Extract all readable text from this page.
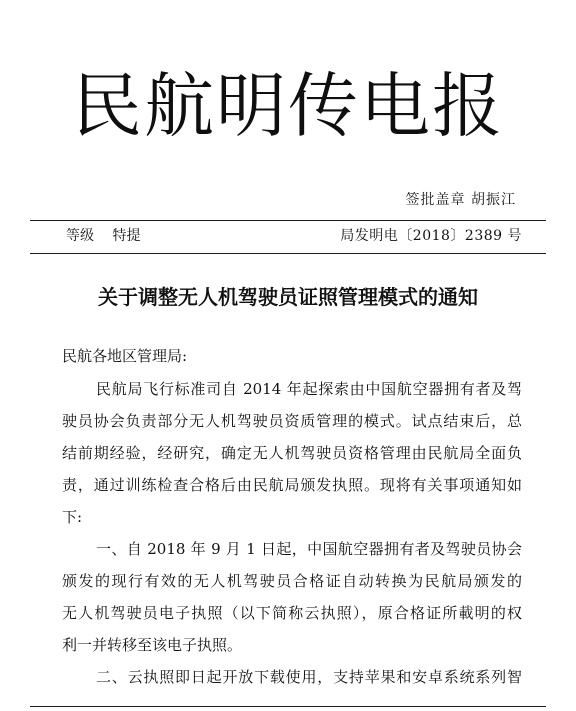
民航明传电报
签批盖章 胡振江
等级 特提	局发明电〔2018〕2389 号
关于调整无人机驾驶员证照管理模式的通知
民航各地区管理局:
民航局飞行标准司自 2014 年起探索由中国航空器拥有者及驾
驶员协会负责部分无人机驾驶员资质管理的模式。试点结束后，总
结前期经验，经研究，确定无人机驾驶员资格管理由民航局全面负
责，通过训练检查合格后由民航局颁发执照。现将有关事项通知如
下:
一、自 2018 年 9 月 1 日起，中国航空器拥有者及驾驶员协会
颁发的现行有效的无人机驾驶员合格证自动转换为民航局颁发的
无人机驾驶员电子执照（以下简称云执照），原合格证所載明的权
利一并转移至该电子执照。
二、云执照即日起开放下载使用，支持苹果和安卓系统系列智
